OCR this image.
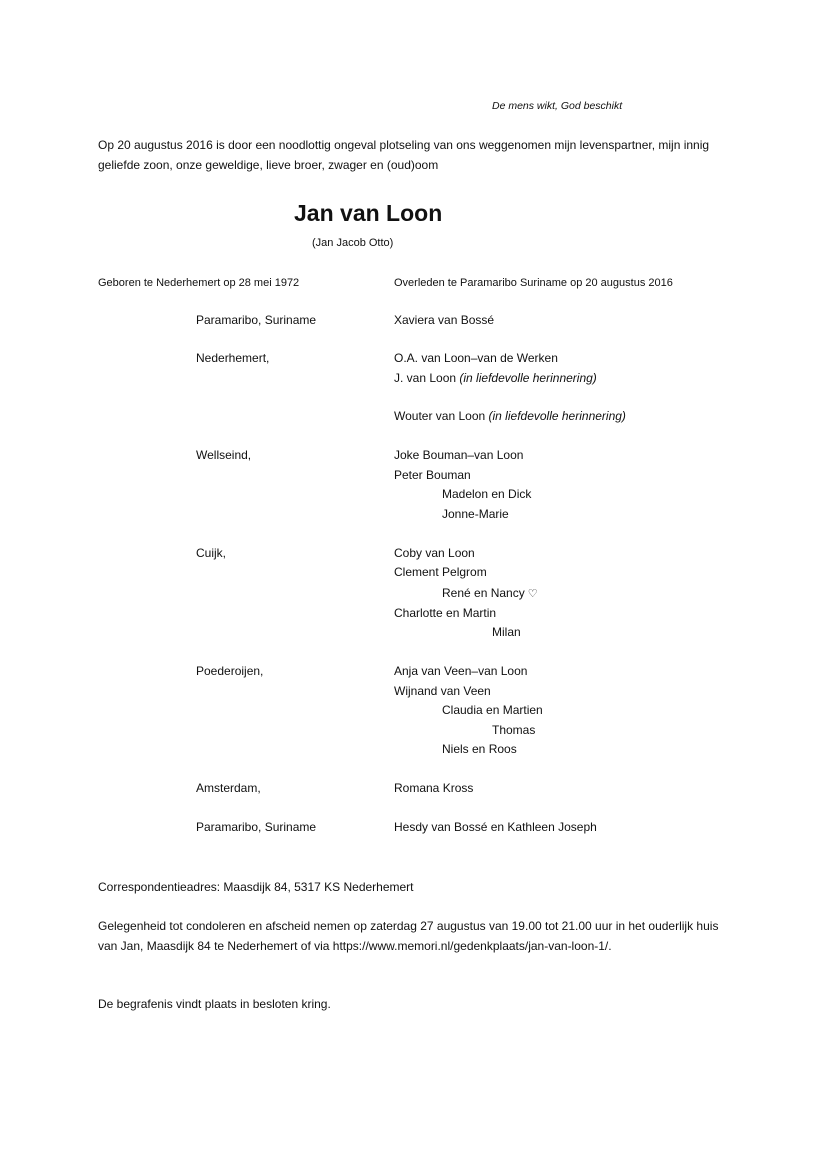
De mens wikt, God beschikt
Op 20 augustus 2016 is door een noodlottig ongeval plotseling van ons weggenomen mijn levenspartner, mijn innig geliefde zoon, onze geweldige, lieve broer, zwager en (oud)oom
Jan van Loon
(Jan Jacob Otto)
Geboren te Nederhemert op 28 mei 1972	Overleden te Paramaribo Suriname op 20 augustus 2016
Paramaribo, Suriname
Nederhemert,
Wellseind,
Cuijk,
Poederoijen,
Amsterdam,
Paramaribo, Suriname
Xaviera van Bossé
O.A. van Loon–van de Werken
J. van Loon (in liefdevolle herinnering)
Wouter van Loon (in liefdevolle herinnering)
Joke Bouman–van Loon
Peter Bouman
Madelon en Dick
Jonne-Marie
Coby van Loon
Clement Pelgrom
René en Nancy ♡
Charlotte en Martin
Milan
Anja van Veen–van Loon
Wijnand van Veen
Claudia en Martien
Thomas
Niels en Roos
Romana Kross
Hesdy van Bossé en Kathleen Joseph
Correspondentieadres: Maasdijk 84, 5317 KS Nederhemert
Gelegenheid tot condoleren en afscheid nemen op zaterdag 27 augustus van 19.00 tot 21.00 uur in het ouderlijk huis van Jan, Maasdijk 84 te Nederhemert of via https://www.memori.nl/gedenkplaats/jan-van-loon-1/.
De begrafenis vindt plaats in besloten kring.
